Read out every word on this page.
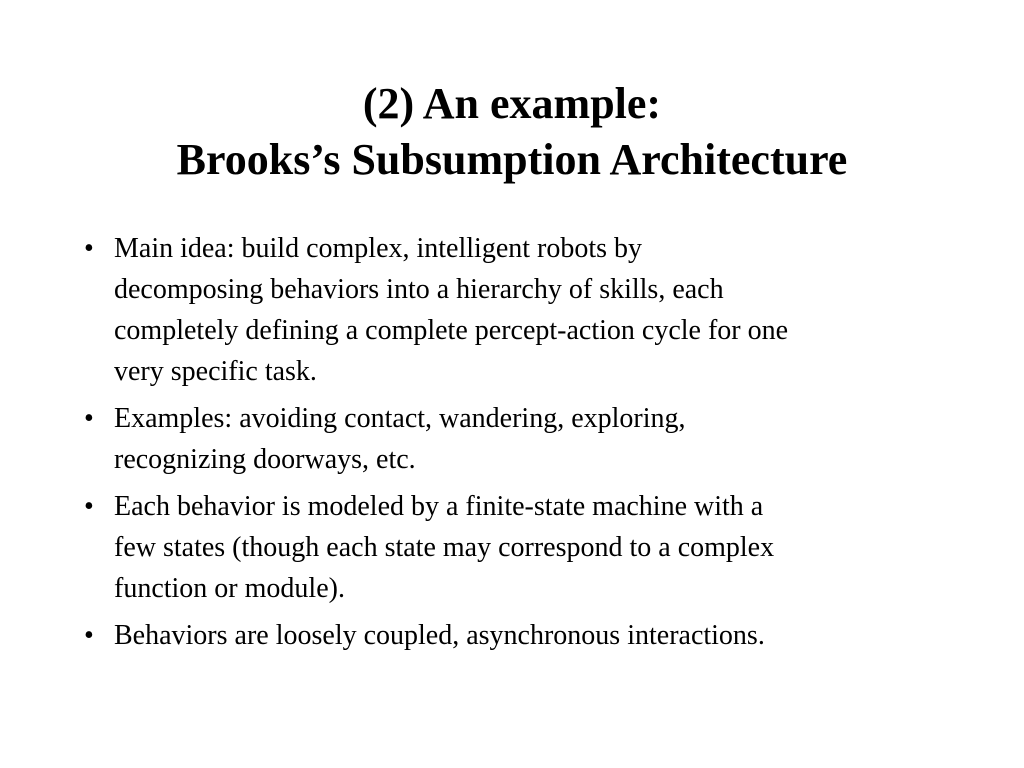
(2) An example:
Brooks’s Subsumption Architecture
• Main idea: build complex, intelligent robots by
decomposing behaviors into a hierarchy of skills, each
completely defining a complete percept-action cycle for one
very specific task.
• Examples: avoiding contact, wandering, exploring,
recognizing doorways, etc.
• Each behavior is modeled by a finite-state machine with a
few states (though each state may correspond to a complex
function or module).
• Behaviors are loosely coupled, asynchronous interactions.
